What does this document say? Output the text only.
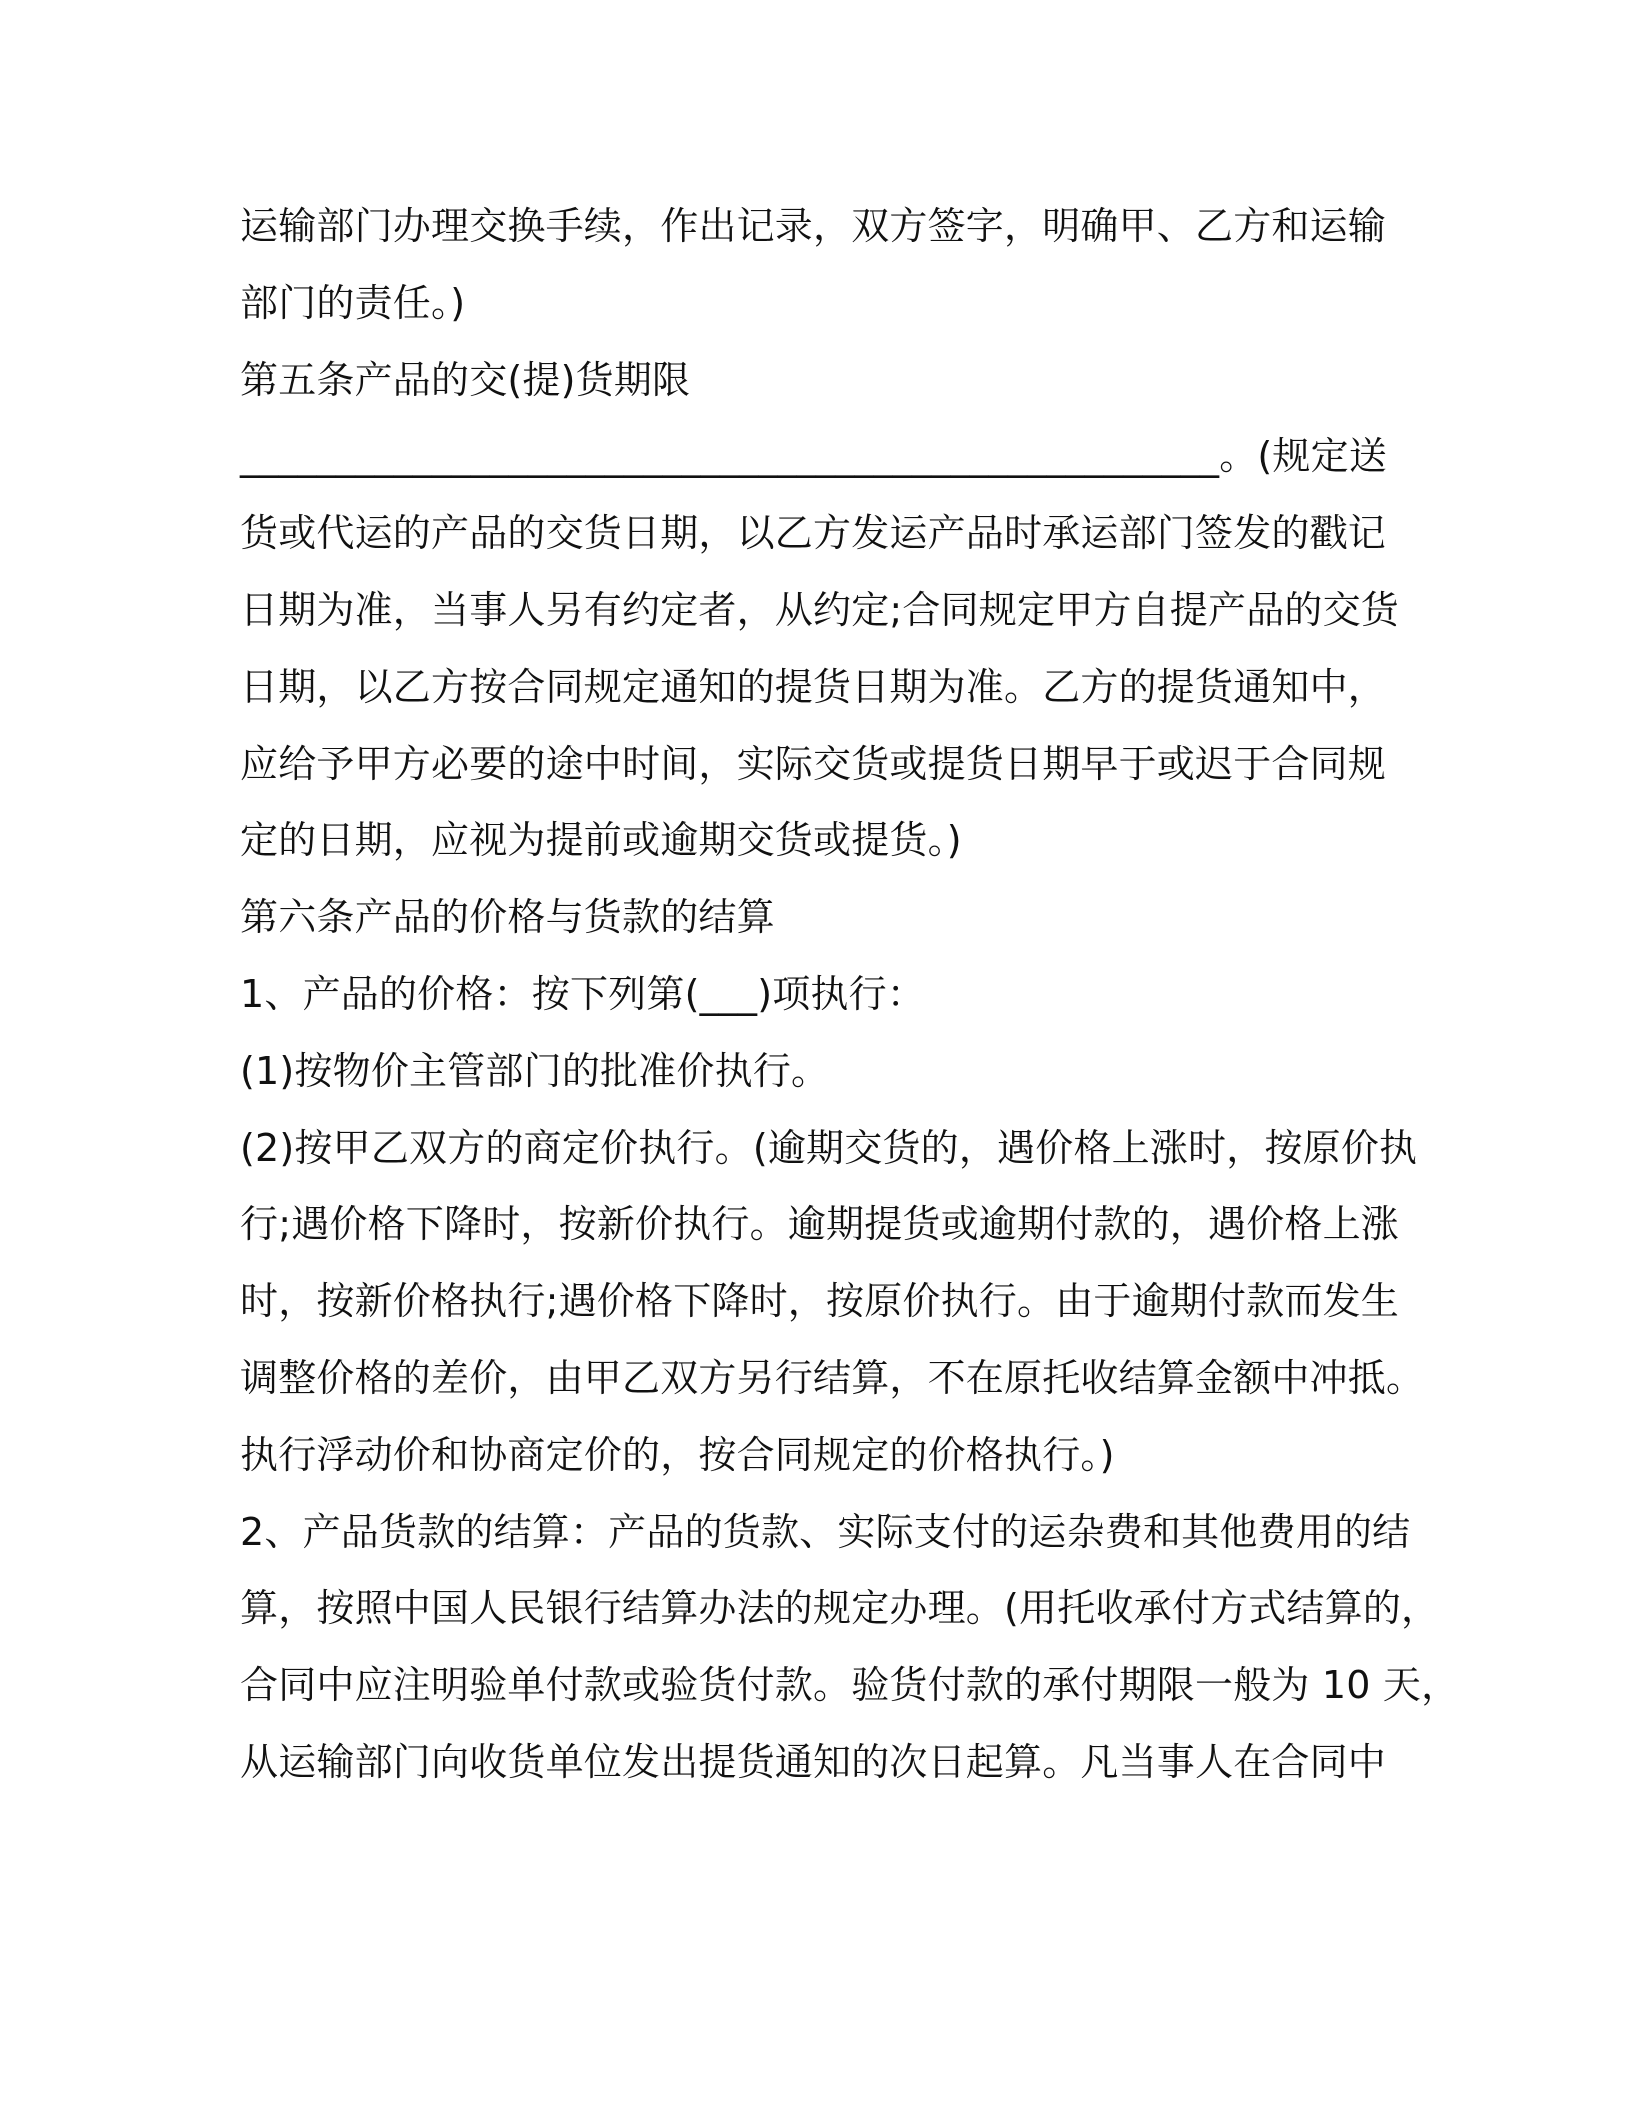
运输部门办理交换手续，作出记录，双方签字，明确甲、乙方和运输
部门的责任。)
第五条产品的交(提)货期限
___________________________________________________。(规定送
货或代运的产品的交货日期，以乙方发运产品时承运部门签发的戳记
日期为准，当事人另有约定者，从约定;合同规定甲方自提产品的交货
日期，以乙方按合同规定通知的提货日期为准。乙方的提货通知中，
应给予甲方必要的途中时间，实际交货或提货日期早于或迟于合同规
定的日期，应视为提前或逾期交货或提货。)
第六条产品的价格与货款的结算
1、产品的价格：按下列第(___)项执行：
(1)按物价主管部门的批准价执行。
(2)按甲乙双方的商定价执行。(逾期交货的，遇价格上涨时，按原价执
行;遇价格下降时，按新价执行。逾期提货或逾期付款的，遇价格上涨
时，按新价格执行;遇价格下降时，按原价执行。由于逾期付款而发生
调整价格的差价，由甲乙双方另行结算，不在原托收结算金额中冲抵。
执行浮动价和协商定价的，按合同规定的价格执行。)
2、产品货款的结算：产品的货款、实际支付的运杂费和其他费用的结
算，按照中国人民银行结算办法的规定办理。(用托收承付方式结算的，
合同中应注明验单付款或验货付款。验货付款的承付期限一般为 10 天，
从运输部门向收货单位发出提货通知的次日起算。凡当事人在合同中
